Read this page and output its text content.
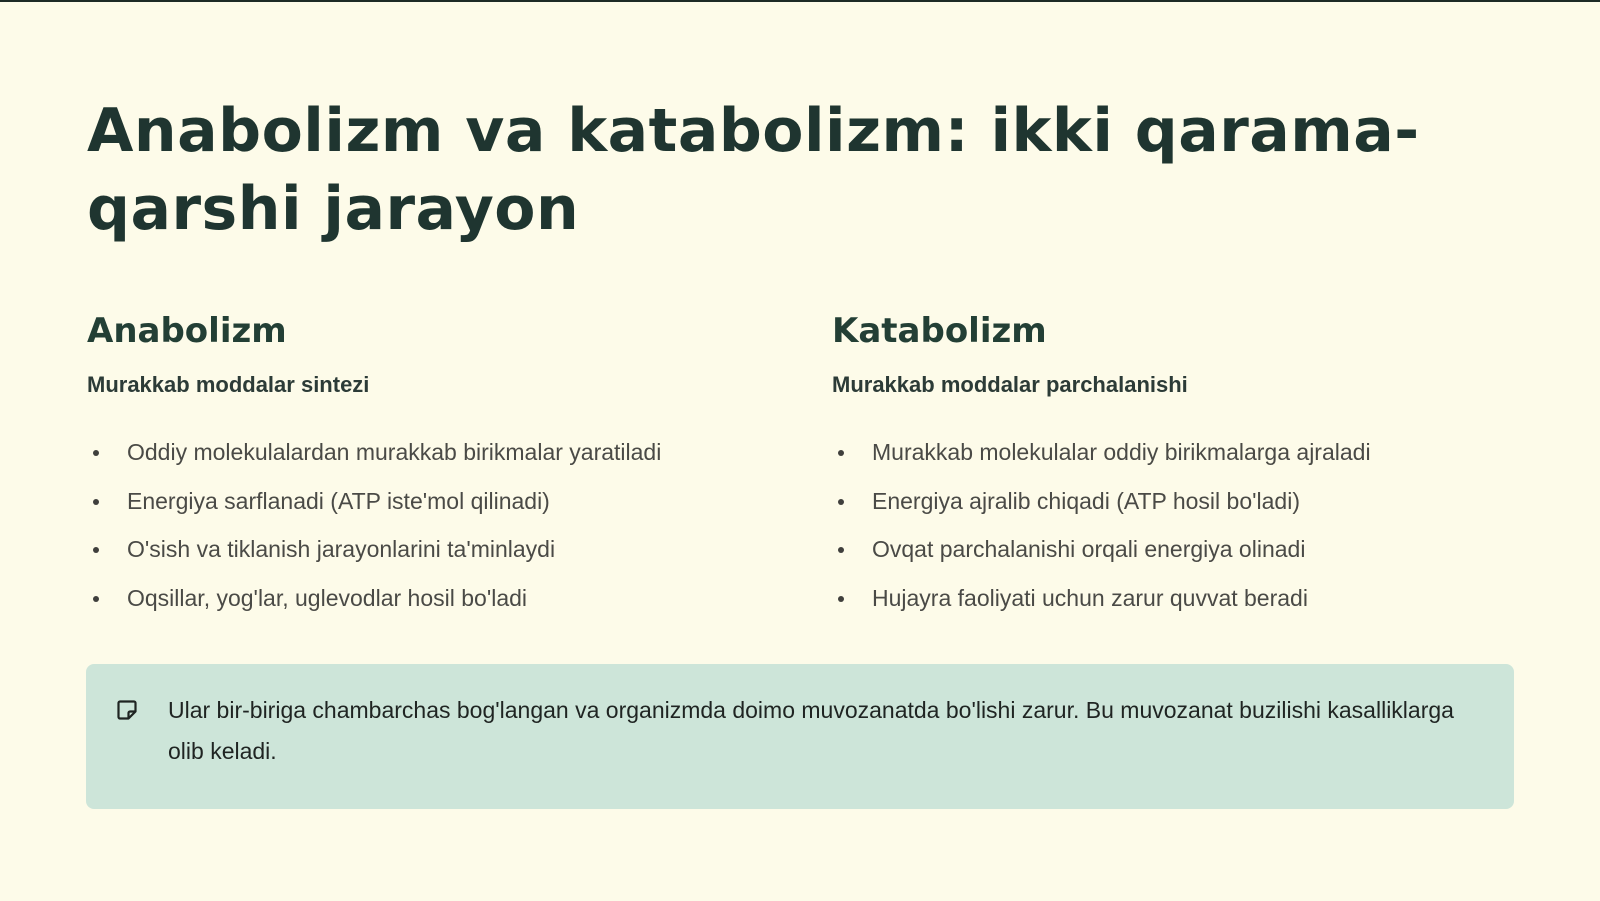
Anabolizm va katabolizm: ikki qarama-qarshi jarayon
Anabolizm
Murakkab moddalar sintezi
Oddiy molekulalardan murakkab birikmalar yaratiladi
Energiya sarflanadi (ATP iste'mol qilinadi)
O'sish va tiklanish jarayonlarini ta'minlaydi
Oqsillar, yog'lar, uglevodlar hosil bo'ladi
Katabolizm
Murakkab moddalar parchalanishi
Murakkab molekulalar oddiy birikmalarga ajraladi
Energiya ajralib chiqadi (ATP hosil bo'ladi)
Ovqat parchalanishi orqali energiya olinadi
Hujayra faoliyati uchun zarur quvvat beradi

Ular bir-biriga chambarchas bog'langan va organizmda doimo muvozanatda bo'lishi zarur. Bu muvozanat buzilishi kasalliklarga olib keladi.
